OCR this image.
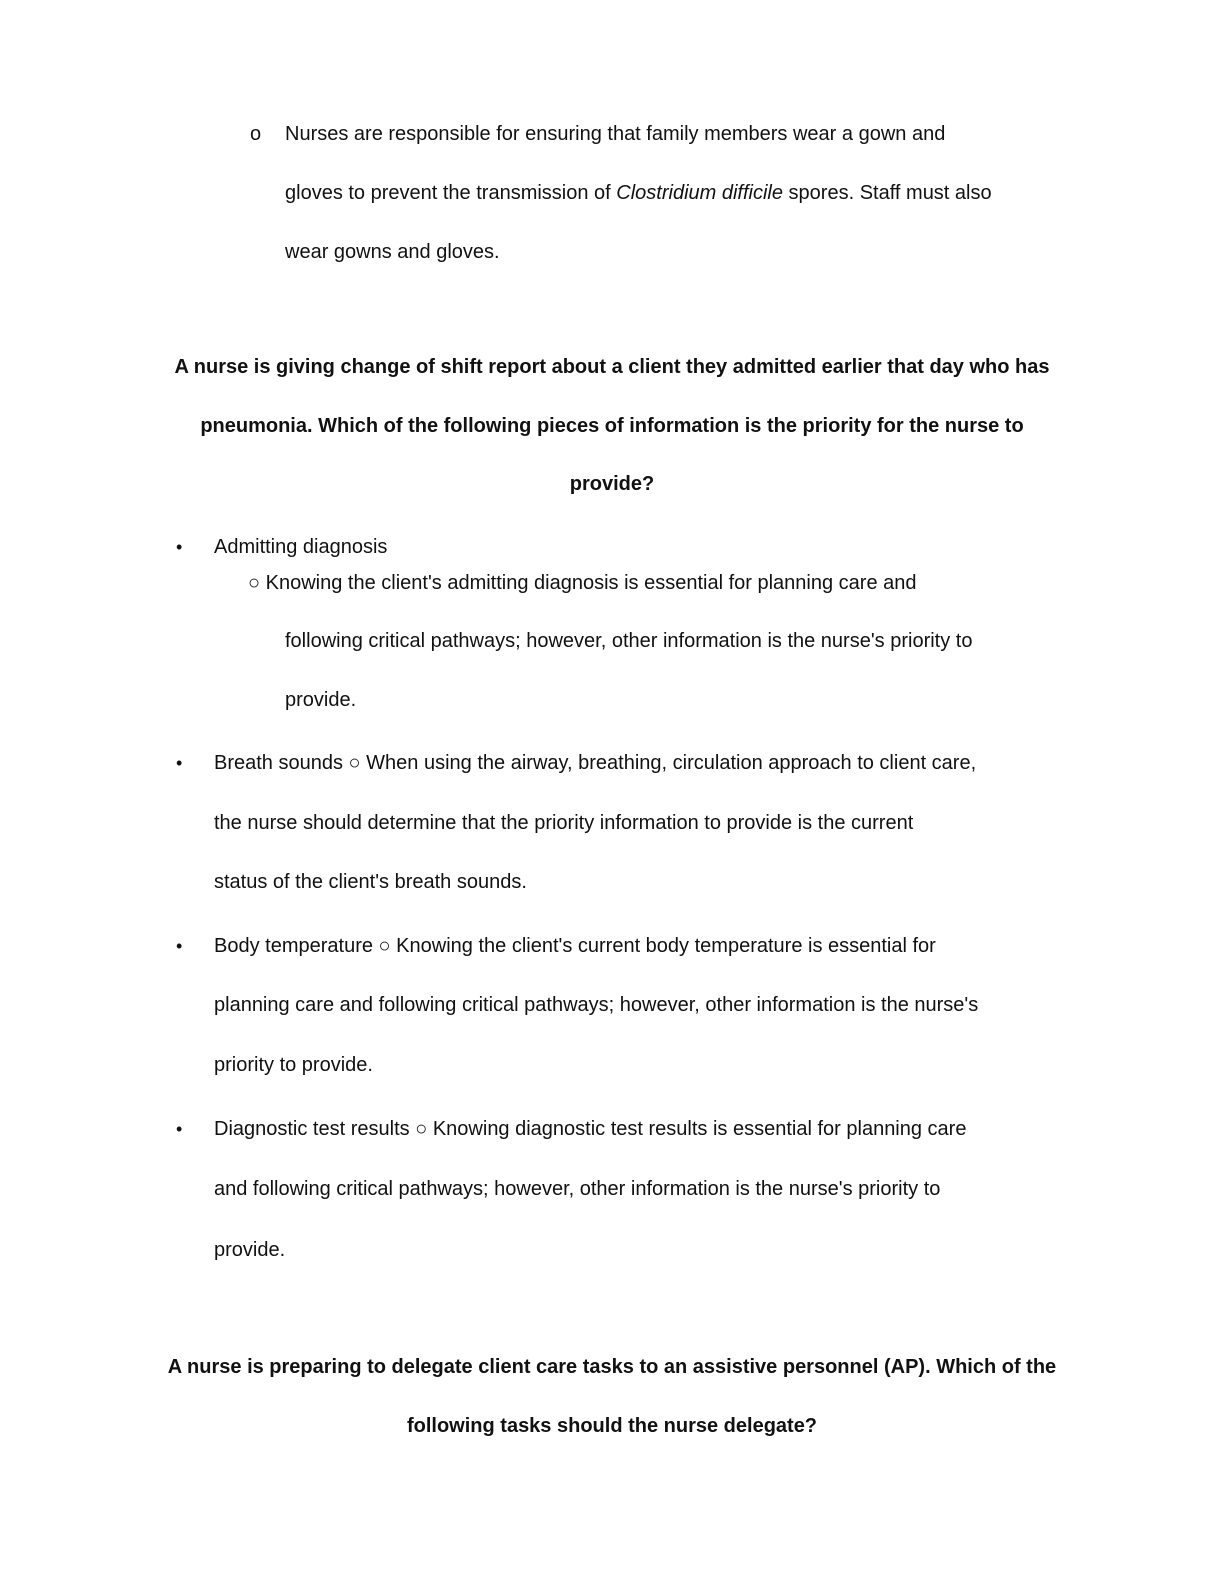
o Nurses are responsible for ensuring that family members wear a gown and
gloves to prevent the transmission of Clostridium difficile spores. Staff must also
wear gowns and gloves.
A nurse is giving change of shift report about a client they admitted earlier that day who has
pneumonia. Which of the following pieces of information is the priority for the nurse to
provide?
• Admitting diagnosis
○ Knowing the client's admitting diagnosis is essential for planning care and
following critical pathways; however, other information is the nurse's priority to
provide.
• Breath sounds ○ When using the airway, breathing, circulation approach to client care,
the nurse should determine that the priority information to provide is the current
status of the client's breath sounds.
• Body temperature ○ Knowing the client's current body temperature is essential for
planning care and following critical pathways; however, other information is the nurse's
priority to provide.
• Diagnostic test results ○ Knowing diagnostic test results is essential for planning care
and following critical pathways; however, other information is the nurse's priority to
provide.
A nurse is preparing to delegate client care tasks to an assistive personnel (AP). Which of the
following tasks should the nurse delegate?
